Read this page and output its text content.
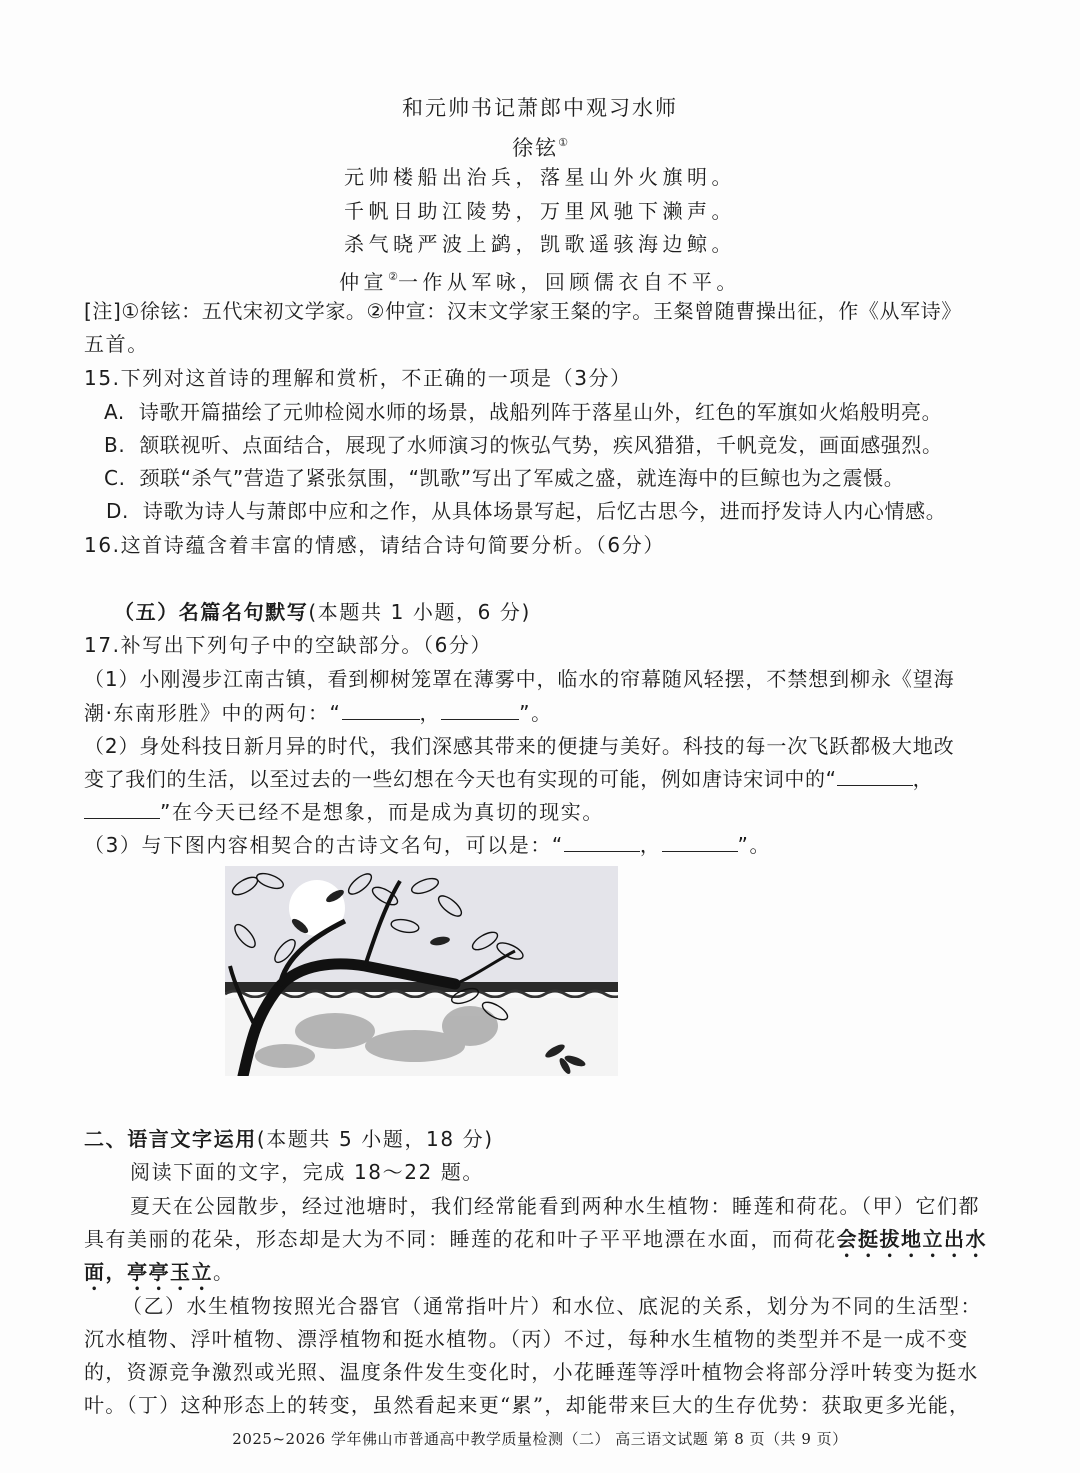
和元帅书记萧郎中观习水师
徐铉①
元帅楼船出治兵，落星山外火旗明。
千帆日助江陵势，万里风驰下濑声。
杀气晓严波上鹢，凯歌遥骇海边鲸。
仲宣②一作从军咏，回顾儒衣自不平。
[注]①徐铉：五代宋初文学家。②仲宣：汉末文学家王粲的字。王粲曾随曹操出征，作《从军诗》
五首。
15.下列对这首诗的理解和赏析，不正确的一项是（3分）
A. 诗歌开篇描绘了元帅检阅水师的场景，战船列阵于落星山外，红色的军旗如火焰般明亮。
B. 颔联视听、点面结合，展现了水师演习的恢弘气势，疾风猎猎，千帆竞发，画面感强烈。
C. 颈联“杀气”营造了紧张氛围，“凯歌”写出了军威之盛，就连海中的巨鲸也为之震慑。
D. 诗歌为诗人与萧郎中应和之作，从具体场景写起，后忆古思今，进而抒发诗人内心情感。
16.这首诗蕴含着丰富的情感，请结合诗句简要分析。（6分）
（五）名篇名句默写(本题共 1 小题，6 分)
17.补写出下列句子中的空缺部分。（6分）
（1）小刚漫步江南古镇，看到柳树笼罩在薄雾中，临水的帘幕随风轻摆，不禁想到柳永《望海
潮·东南形胜》中的两句：“	，	”。
（2）身处科技日新月异的时代，我们深感其带来的便捷与美好。科技的每一次飞跃都极大地改
变了我们的生活，以至过去的一些幻想在今天也有实现的可能，例如唐诗宋词中的“	，
”在今天已经不是想象，而是成为真切的现实。
（3）与下图内容相契合的古诗文名句，可以是：“	，	”。
二、语言文字运用(本题共 5 小题，18 分)
阅读下面的文字，完成 18～22 题。
夏天在公园散步，经过池塘时，我们经常能看到两种水生植物：睡莲和荷花。（甲）它们都
具有美丽的花朵，形态却是大为不同：睡莲的花和叶子平平地漂在水面，而荷花会挺拔地立出水
面，亭亭玉立。
（乙）水生植物按照光合器官（通常指叶片）和水位、底泥的关系，划分为不同的生活型：
沉水植物、浮叶植物、漂浮植物和挺水植物。（丙）不过，每种水生植物的类型并不是一成不变
的，资源竞争激烈或光照、温度条件发生变化时，小花睡莲等浮叶植物会将部分浮叶转变为挺水
叶。（丁）这种形态上的转变，虽然看起来更“累”，却能带来巨大的生存优势：获取更多光能，
2025~2026 学年佛山市普通高中教学质量检测（二） 高三语文试题 第 8 页（共 9 页）
